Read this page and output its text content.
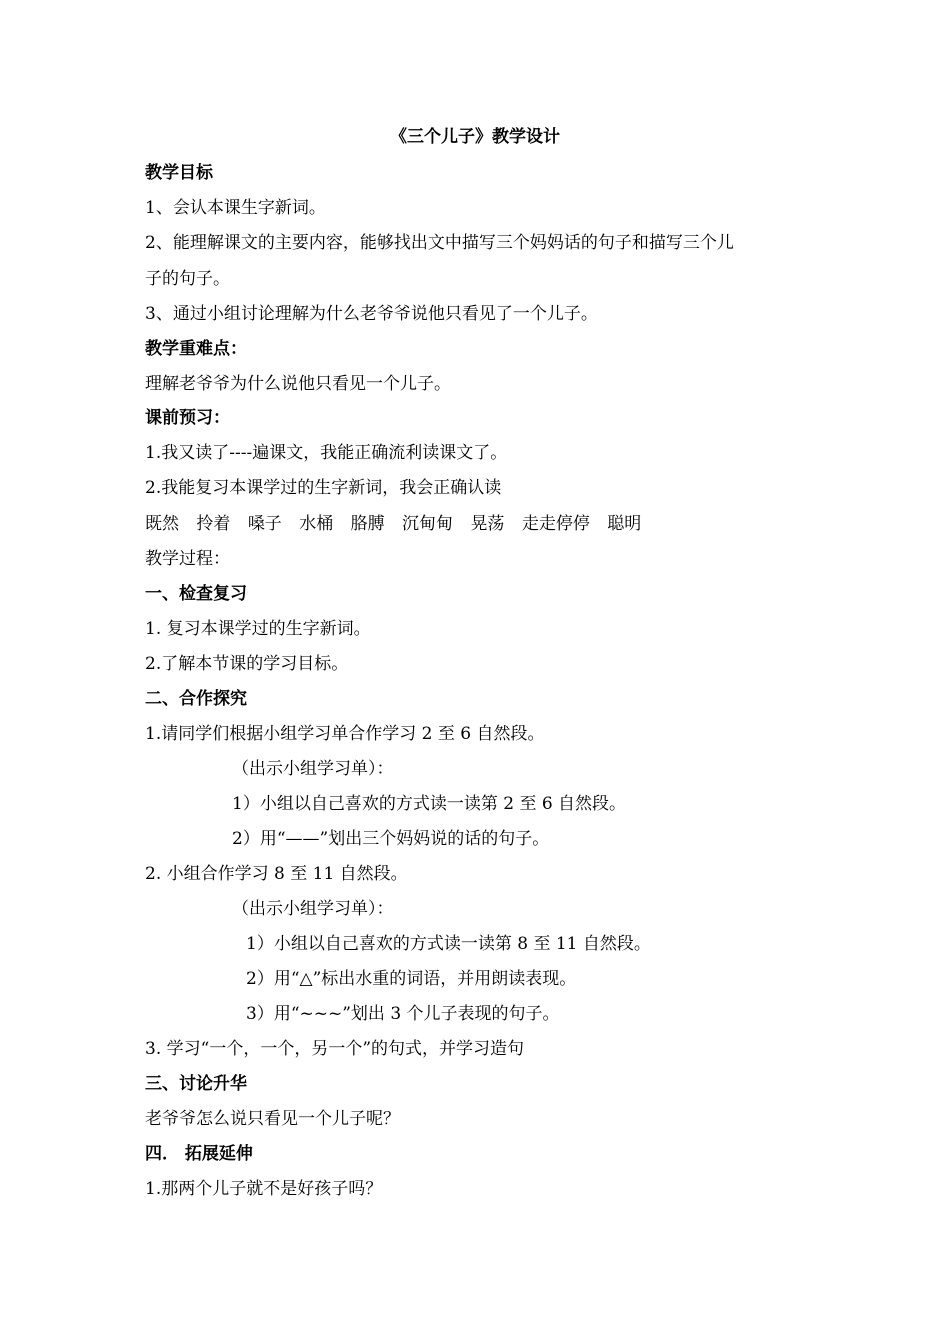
《三个儿子》教学设计
教学目标
1、会认本课生字新词。
2、能理解课文的主要内容，能够找出文中描写三个妈妈话的句子和描写三个儿
子的句子。
3、通过小组讨论理解为什么老爷爷说他只看见了一个儿子。
教学重难点：
理解老爷爷为什么说他只看见一个儿子。
课前预习：
1.我又读了----遍课文，我能正确流利读课文了。
2.我能复习本课学过的生字新词，我会正确认读
既然 拎着 嗓子 水桶 胳膊 沉甸甸 晃荡 走走停停 聪明
教学过程：
一、检查复习
1. 复习本课学过的生字新词。
2.了解本节课的学习目标。
二、合作探究
1.请同学们根据小组学习单合作学习 2 至 6 自然段。
（出示小组学习单）：
1）小组以自己喜欢的方式读一读第 2 至 6 自然段。
2）用“——”划出三个妈妈说的话的句子。
2. 小组合作学习 8 至 11 自然段。
（出示小组学习单）：
1）小组以自己喜欢的方式读一读第 8 至 11 自然段。
2）用“△”标出水重的词语，并用朗读表现。
3）用“~~~”划出 3 个儿子表现的句子。
3. 学习“一个，一个，另一个”的句式，并学习造句
三、讨论升华
老爷爷怎么说只看见一个儿子呢？
四． 拓展延伸
1.那两个儿子就不是好孩子吗？
